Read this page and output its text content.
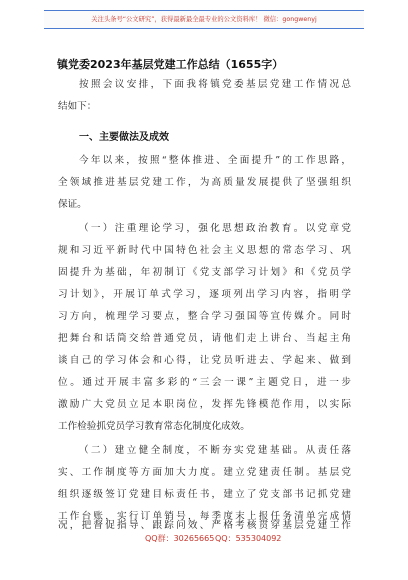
关注头条号“公文研究”，获得最新最全最专业的公文资料库！ 微信：gongwenyj
镇党委2023年基层党建工作总结（1655字）
按照会议安排，下面我将镇党委基层党建工作情况总
结如下：
一、主要做法及成效
今年以来，按照“整体推进、全面提升”的工作思路，
全领域推进基层党建工作，为高质量发展提供了坚强组织
保证。
（一）注重理论学习，强化思想政治教育。以党章党
规和习近平新时代中国特色社会主义思想的常态学习、巩
固提升为基础，年初制订《党支部学习计划》和《党员学
习计划》，开展订单式学习，逐项列出学习内容，指明学
习方向，梳理学习要点，整合学习强国等宣传媒介。同时
把舞台和话筒交给普通党员，请他们走上讲台、当起主角
谈自己的学习体会和心得，让党员听进去、学起来、做到
位。通过开展丰富多彩的“三会一课”主题党日，进一步
激励广大党员立足本职岗位，发挥先锋模范作用，以实际
工作检验抓党员学习教育常态化制度化成效。
（二）建立健全制度，不断夯实党建基础。从责任落
实、工作制度等方面加大力度。建立党建责任制。基层党
组织逐级签订党建目标责任书，建立了党支部书记抓党建
工作台账，实行订单销号，每季度末上报任务清单完成情
QQ群：30265665 QQ：535304092
况，把督促指导、跟踪问效、严格考核贯穿基层党建工作
